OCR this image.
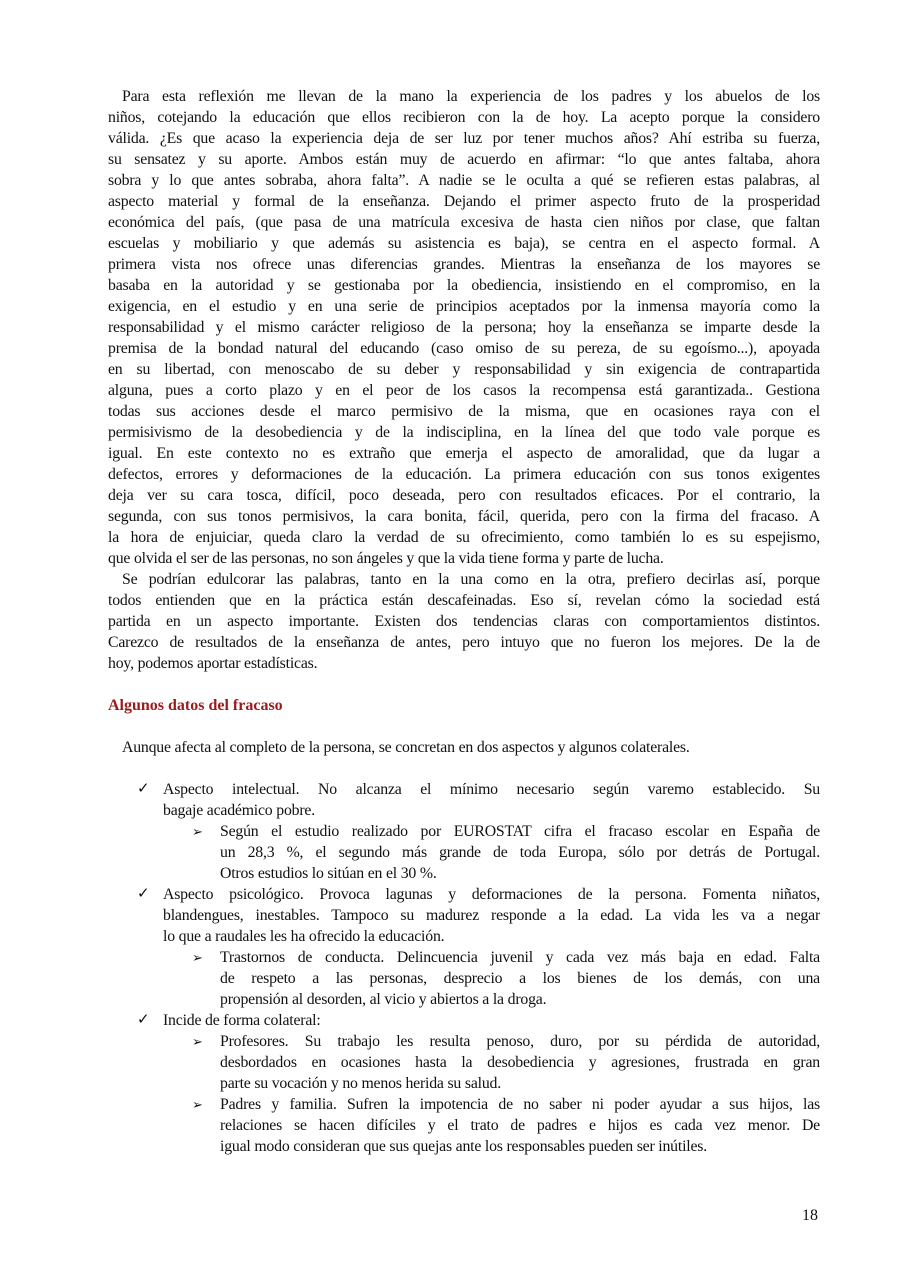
Para esta reflexión me llevan de la mano la experiencia de los padres y los abuelos de los
niños, cotejando la educación que ellos recibieron con la de hoy. La acepto porque la considero
válida. ¿Es que acaso la experiencia deja de ser luz por tener muchos años? Ahí estriba su fuerza,
su sensatez y su aporte. Ambos están muy de acuerdo en afirmar: “lo que antes faltaba, ahora
sobra y lo que antes sobraba, ahora falta”. A nadie se le oculta a qué se refieren estas palabras, al
aspecto material y formal de la enseñanza. Dejando el primer aspecto fruto de la prosperidad
económica del país, (que pasa de una matrícula excesiva de hasta cien niños por clase, que faltan
escuelas y mobiliario y que además su asistencia es baja), se centra en el aspecto formal. A
primera vista nos ofrece unas diferencias grandes. Mientras la enseñanza de los mayores se
basaba en la autoridad y se gestionaba por la obediencia, insistiendo en el compromiso, en la
exigencia, en el estudio y en una serie de principios aceptados por la inmensa mayoría como la
responsabilidad y el mismo carácter religioso de la persona; hoy la enseñanza se imparte desde la
premisa de la bondad natural del educando (caso omiso de su pereza, de su egoísmo...), apoyada
en su libertad, con menoscabo de su deber y responsabilidad y sin exigencia de contrapartida
alguna, pues a corto plazo y en el peor de los casos la recompensa está garantizada.. Gestiona
todas sus acciones desde el marco permisivo de la misma, que en ocasiones raya con el
permisivismo de la desobediencia y de la indisciplina, en la línea del que todo vale porque es
igual. En este contexto no es extraño que emerja el aspecto de amoralidad, que da lugar a
defectos, errores y deformaciones de la educación. La primera educación con sus tonos exigentes
deja ver su cara tosca, difícil, poco deseada, pero con resultados eficaces. Por el contrario, la
segunda, con sus tonos permisivos, la cara bonita, fácil, querida, pero con la firma del fracaso. A
la hora de enjuiciar, queda claro la verdad de su ofrecimiento, como también lo es su espejismo,
que olvida el ser de las personas, no son ángeles y que la vida tiene forma y parte de lucha.
Se podrían edulcorar las palabras, tanto en la una como en la otra, prefiero decirlas así, porque
todos entienden que en la práctica están descafeinadas. Eso sí, revelan cómo la sociedad está
partida en un aspecto importante. Existen dos tendencias claras con comportamientos distintos.
Carezco de resultados de la enseñanza de antes, pero intuyo que no fueron los mejores. De la de
hoy, podemos aportar estadísticas.
Algunos datos del fracaso
Aunque afecta al completo de la persona, se concretan en dos aspectos y algunos colaterales.
✓ Aspecto intelectual. No alcanza el mínimo necesario según varemo establecido. Su
bagaje académico pobre.
➢ Según el estudio realizado por EUROSTAT cifra el fracaso escolar en España de
un 28,3 %, el segundo más grande de toda Europa, sólo por detrás de Portugal.
Otros estudios lo sitúan en el 30 %.
✓ Aspecto psicológico. Provoca lagunas y deformaciones de la persona. Fomenta niñatos,
blandengues, inestables. Tampoco su madurez responde a la edad. La vida les va a negar
lo que a raudales les ha ofrecido la educación.
➢ Trastornos de conducta. Delincuencia juvenil y cada vez más baja en edad. Falta
de respeto a las personas, desprecio a los bienes de los demás, con una
propensión al desorden, al vicio y abiertos a la droga.
✓ Incide de forma colateral:
➢ Profesores. Su trabajo les resulta penoso, duro, por su pérdida de autoridad,
desbordados en ocasiones hasta la desobediencia y agresiones, frustrada en gran
parte su vocación y no menos herida su salud.
➢ Padres y familia. Sufren la impotencia de no saber ni poder ayudar a sus hijos, las
relaciones se hacen difíciles y el trato de padres e hijos es cada vez menor. De
igual modo consideran que sus quejas ante los responsables pueden ser inútiles.
18
